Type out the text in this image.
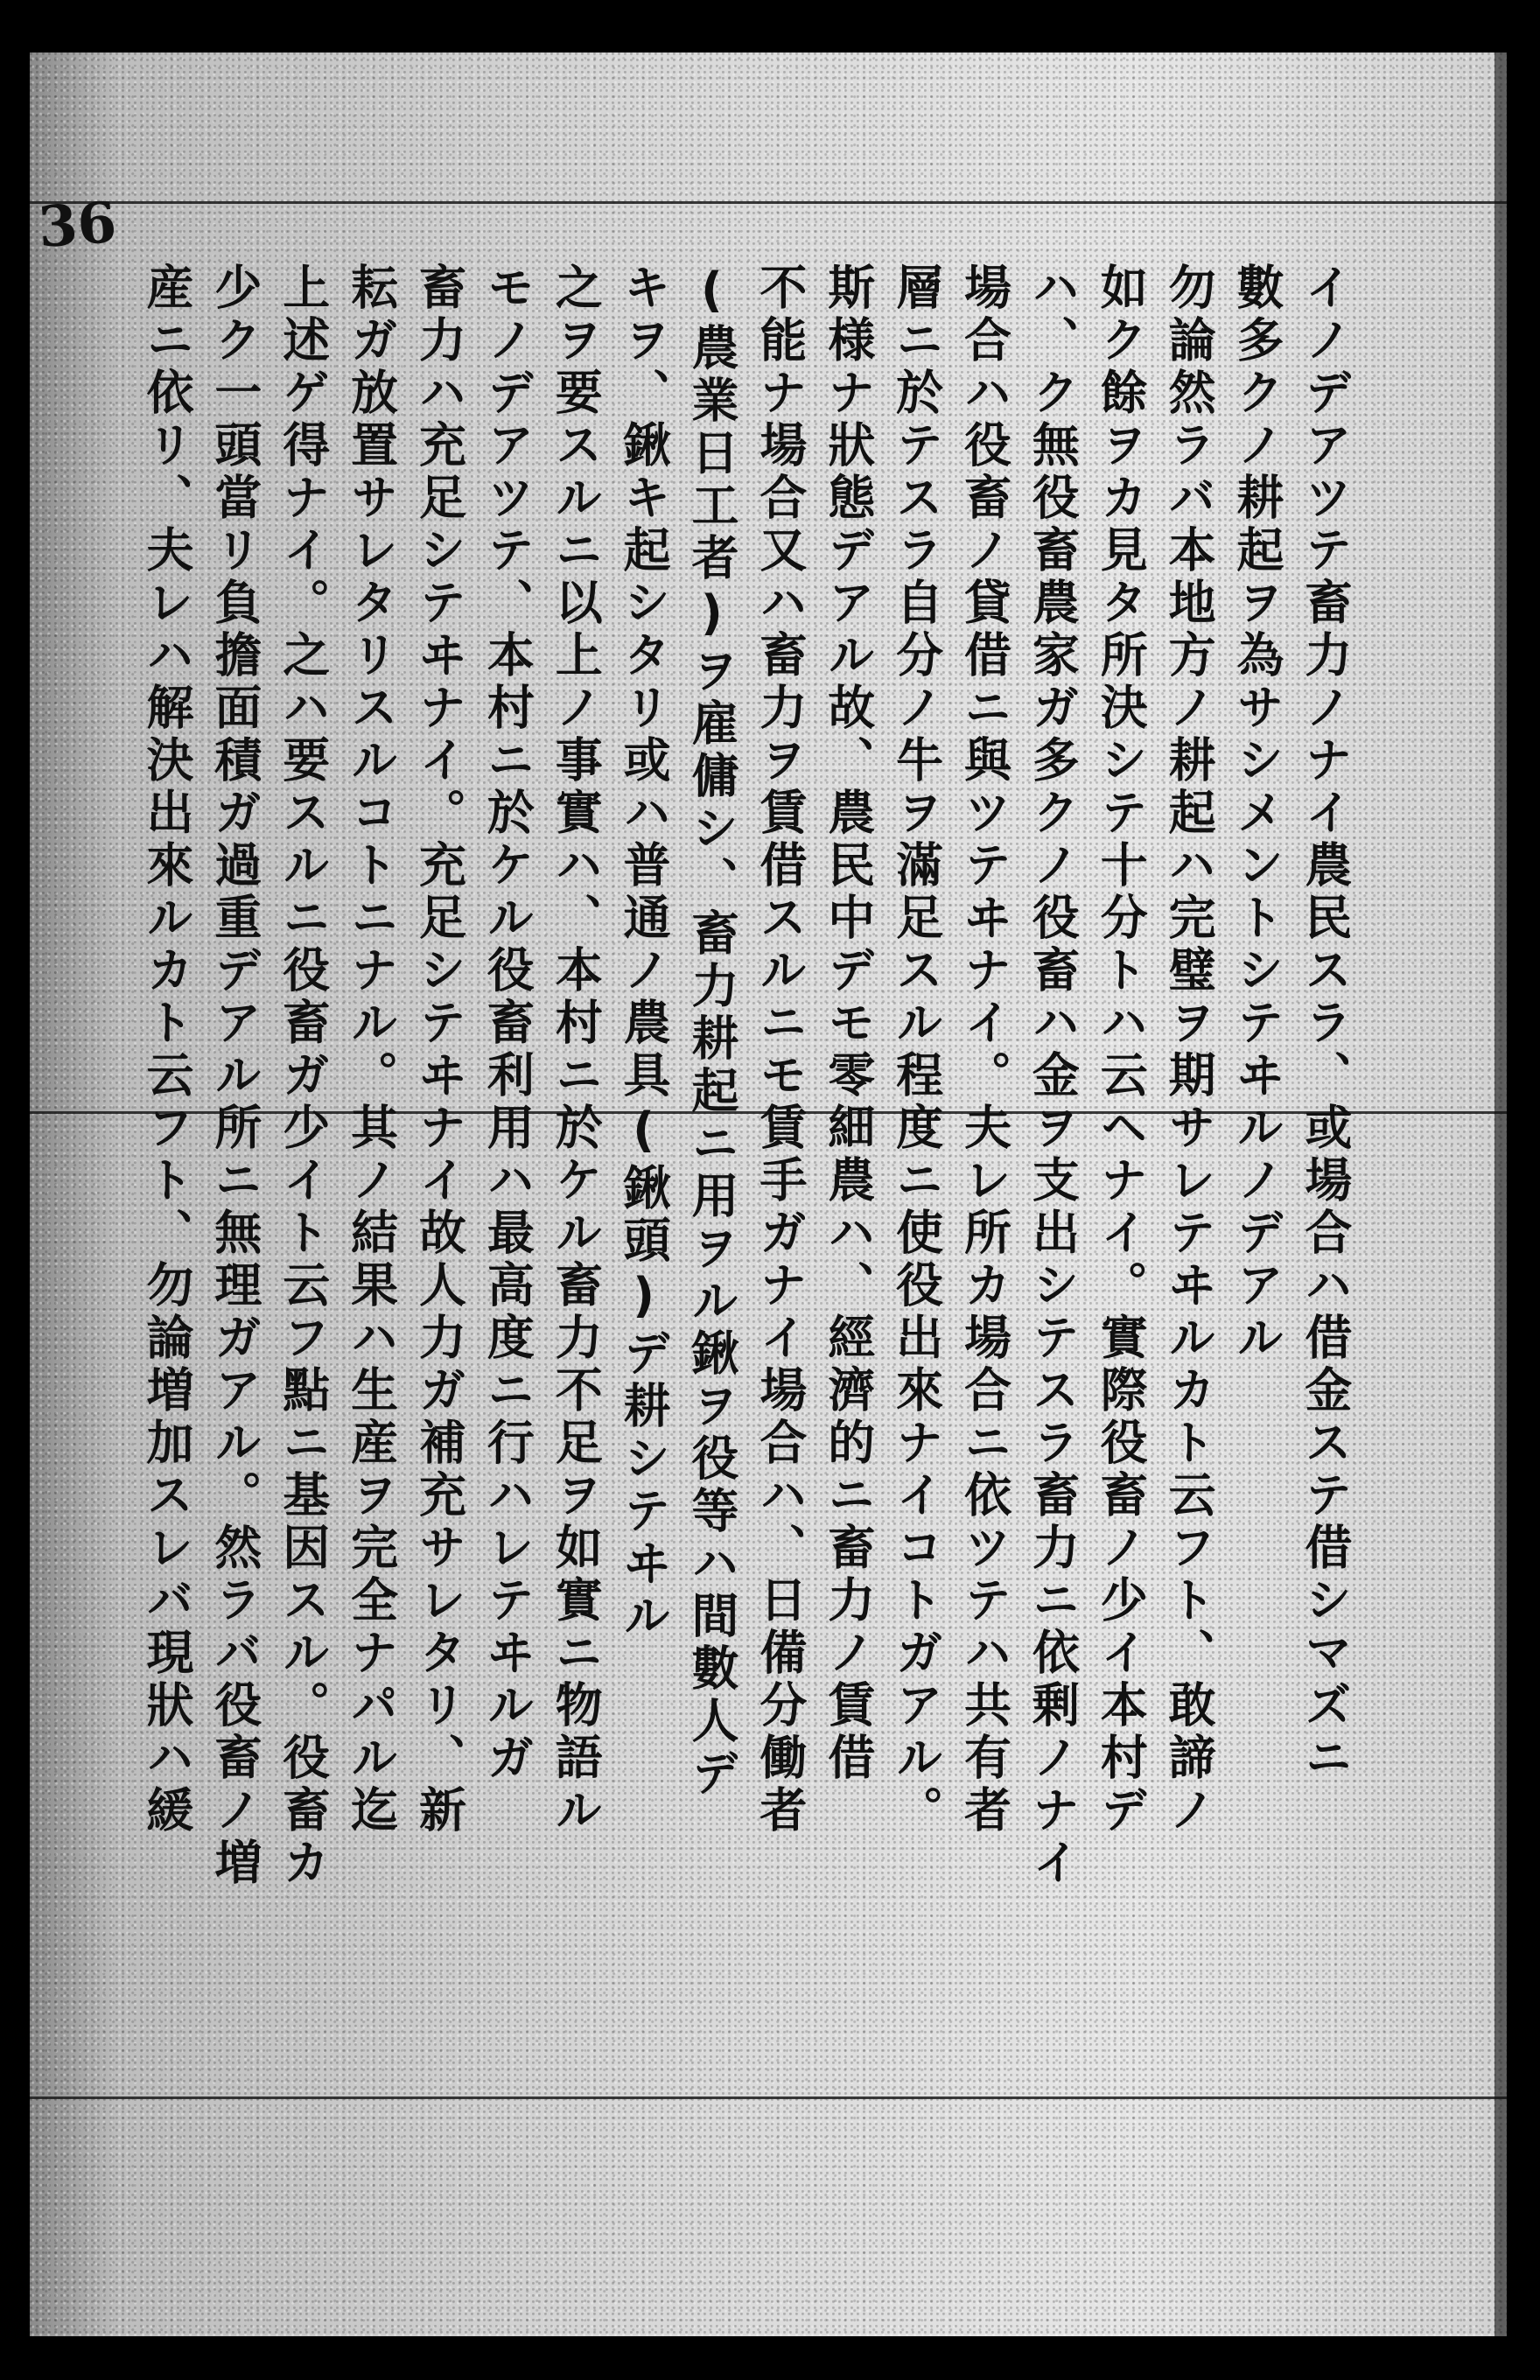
36
イノデアツテ畜力ノナイ農民スラ、或場合ハ借金ステ借シマズニ
數多クノ耕起ヲ為サシメントシテヰルノデアル
勿論然ラバ本地方ノ耕起ハ完璧ヲ期サレテヰルカト云フト、敢諦ノ
如ク餘ヲカ見タ所決シテ十分トハ云ヘナイ。實際役畜ノ少イ本村デ
ハ、ク無役畜農家ガ多クノ役畜ハ金ヲ支出シテスラ畜力ニ依剰ノナイ
場合ハ役畜ノ貸借ニ與ツテヰナイ。夫レ所カ場合ニ依ツテハ共有者
層ニ於テスラ自分ノ牛ヲ滿足スル程度ニ使役出來ナイコトガアル。
斯様ナ狀態デアル故、農民中デモ零細農ハ、經濟的ニ畜力ノ賃借
不能ナ場合又ハ畜力ヲ賃借スルニモ賃手ガナイ場合ハ、日備分働者
(農業日工者)ヲ雇傭シ、畜力耕起ニ用ヲル鍬ヲ役等ハ間數人デ
キヲ、鍬キ起シタリ或ハ普通ノ農具(鍬頭)デ耕シテヰル
之ヲ要スルニ以上ノ事實ハ、本村ニ於ケル畜力不足ヲ如實ニ物語ル
モノデアツテ、本村ニ於ケル役畜利用ハ最高度ニ行ハレテヰルガ
畜力ハ充足シテヰナイ。充足シテヰナイ故人力ガ補充サレタリ、新
耘ガ放置サレタリスルコトニナル。其ノ結果ハ生産ヲ完全ナパル迄
上述ゲ得ナイ。之ハ要スルニ役畜ガ少イト云フ點ニ基因スル。役畜カ
少ク一頭當リ負擔面積ガ過重デアル所ニ無理ガアル。然ラバ役畜ノ増
産ニ依リ、夫レハ解決出來ルカト云フト、勿論増加スレバ現狀ハ緩
